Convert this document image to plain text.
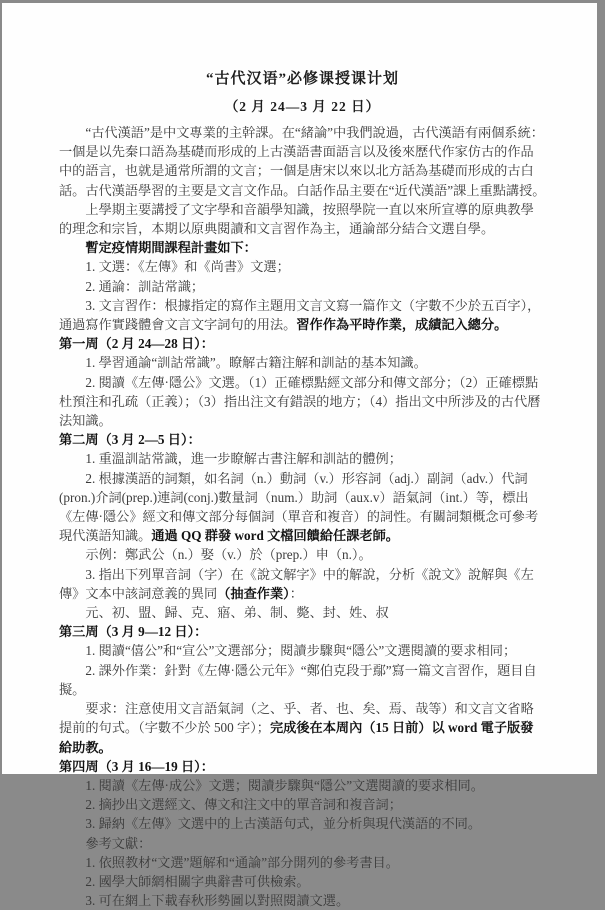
“古代汉语”必修课授课计划

（2 月 24—3 月 22 日）

“古代漢語”是中文專業的主幹課。在“緒論”中我們說過，古代漢語有兩個系統：一個是以先秦口語為基礎而形成的上古漢語書面語言以及後來歷代作家仿古的作品中的語言，也就是通常所謂的文言；一個是唐宋以來以北方話為基礎而形成的古白話。古代漢語學習的主要是文言文作品。白話作品主要在“近代漢語”課上重點講授。

上學期主要講授了文字學和音韻學知識，按照學院一直以來所宣導的原典教學的理念和宗旨，本期以原典閱讀和文言習作為主，通論部分結合文選自學。

暫定疫情期間課程計畫如下：

1. 文選：《左傳》和《尚書》文選；

2. 通論：訓詁常識；

3. 文言習作：根據指定的寫作主題用文言文寫一篇作文（字數不少於五百字），通過寫作實踐體會文言文字詞句的用法。習作作為平時作業，成績記入總分。

第一周（2 月 24—28 日）：

1. 學習通論“訓詁常識”。瞭解古籍注解和訓詁的基本知識。

2. 閱讀《左傳·隱公》文選。（1）正確標點經文部分和傳文部分；（2）正確標點杜預注和孔疏（正義）；（3）指出注文有錯誤的地方；（4）指出文中所涉及的古代曆法知識。

第二周（3 月 2—5 日）：

1. 重溫訓詁常識，進一步瞭解古書注解和訓詁的體例；

2. 根據漢語的詞類，如名詞（n.）動詞（v.）形容詞（adj.）副詞（adv.）代詞(pron.)介詞(prep.)連詞(conj.)數量詞（num.）助詞（aux.v）語氣詞（int.）等，標出《左傳·隱公》經文和傳文部分每個詞（單音和複音）的詞性。有關詞類概念可參考現代漢語知識。通過 QQ 群發 word 文檔回饋給任課老師。

示例：鄭武公（n.）娶（v.）於（prep.）申（n.）。

3. 指出下列單音詞（字）在《說文解字》中的解說，分析《說文》說解與《左傳》文本中該詞意義的異同（抽查作業）：

元、初、盟、歸、克、寤、弟、制、斃、封、姓、叔

第三周（3 月 9—12 日）：

1. 閱讀“僖公”和“宣公”文選部分；閱讀步驟與“隱公”文選閱讀的要求相同；

2. 課外作業：針對《左傳·隱公元年》“鄭伯克段于鄢”寫一篇文言習作，題目自擬。

要求：注意使用文言語氣詞（之、乎、者、也、矣、焉、哉等）和文言文省略提前的句式。（字數不少於 500 字）；完成後在本周內（15 日前）以 word 電子版發給助教。

第四周（3 月 16—19 日）：

1. 閱讀《左傳·成公》文選；閱讀步驟與“隱公”文選閱讀的要求相同。

2. 摘抄出文選經文、傳文和注文中的單音詞和複音詞；

3. 歸納《左傳》文選中的上古漢語句式，並分析與現代漢語的不同。

參考文獻：

1. 依照教材“文選”題解和“通論”部分開列的參考書目。

2. 國學大師網相關字典辭書可供檢索。

3. 可在網上下載春秋形勢圖以對照閱讀文選。
